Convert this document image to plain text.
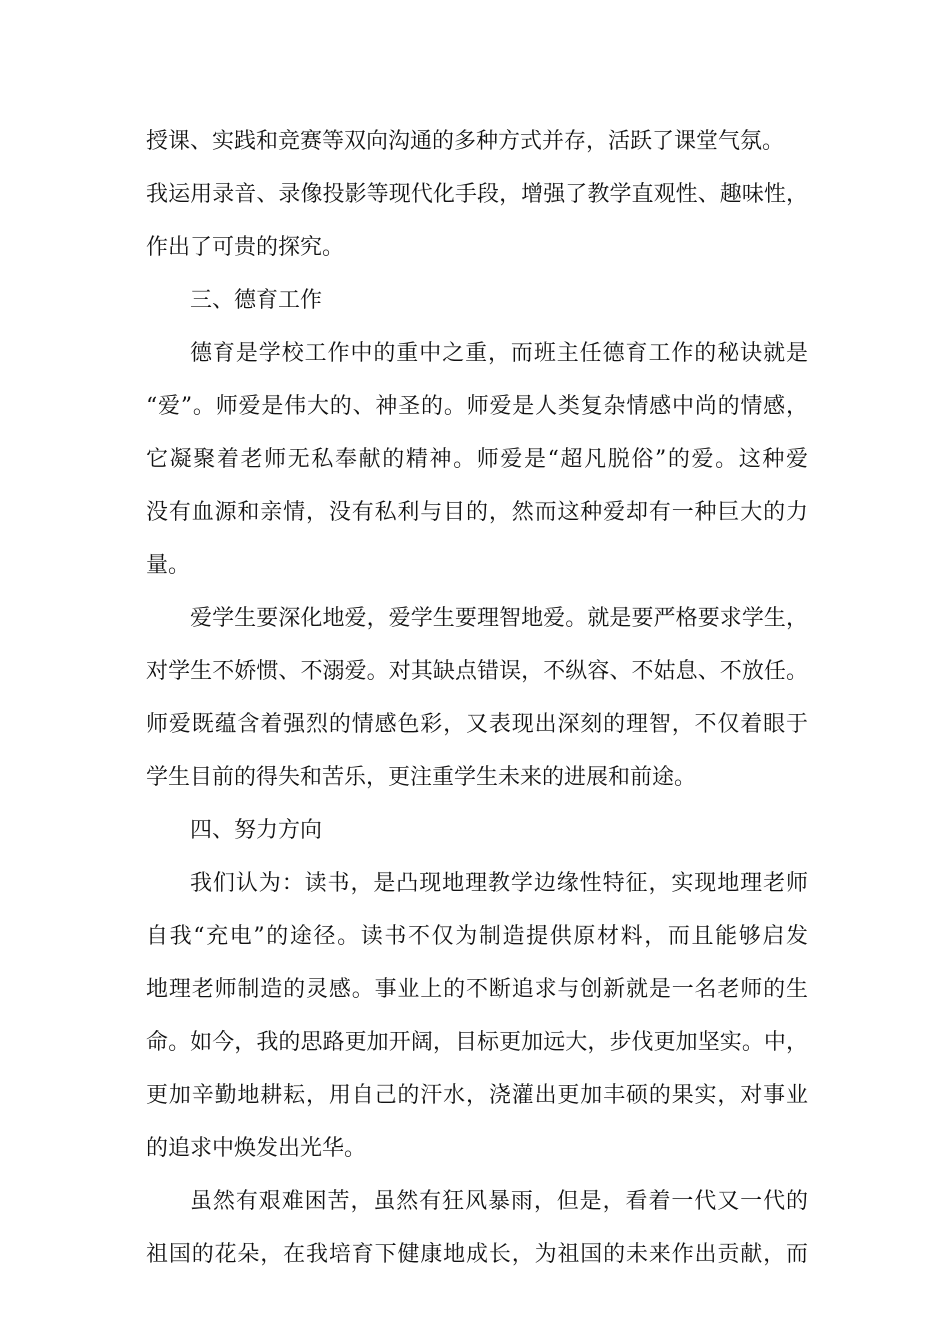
授课、实践和竞赛等双向沟通的多种方式并存，活跃了课堂气氛。
我运用录音、录像投影等现代化手段，增强了教学直观性、趣味性，
作出了可贵的探究。
三、德育工作
德育是学校工作中的重中之重，而班主任德育工作的秘诀就是
“爱”。师爱是伟大的、神圣的。师爱是人类复杂情感中尚的情感，
它凝聚着老师无私奉献的精神。师爱是“超凡脱俗”的爱。这种爱
没有血源和亲情，没有私利与目的，然而这种爱却有一种巨大的力
量。
爱学生要深化地爱，爱学生要理智地爱。就是要严格要求学生，
对学生不娇惯、不溺爱。对其缺点错误，不纵容、不姑息、不放任。
师爱既蕴含着强烈的情感色彩，又表现出深刻的理智，不仅着眼于
学生目前的得失和苦乐，更注重学生未来的进展和前途。
四、努力方向
我们认为：读书，是凸现地理教学边缘性特征，实现地理老师
自我“充电”的途径。读书不仅为制造提供原材料，而且能够启发
地理老师制造的灵感。事业上的不断追求与创新就是一名老师的生
命。如今，我的思路更加开阔，目标更加远大，步伐更加坚实。中，
更加辛勤地耕耘，用自己的汗水，浇灌出更加丰硕的果实，对事业
的追求中焕发出光华。
虽然有艰难困苦，虽然有狂风暴雨，但是，看着一代又一代的
祖国的花朵，在我培育下健康地成长，为祖国的未来作出贡献，而
